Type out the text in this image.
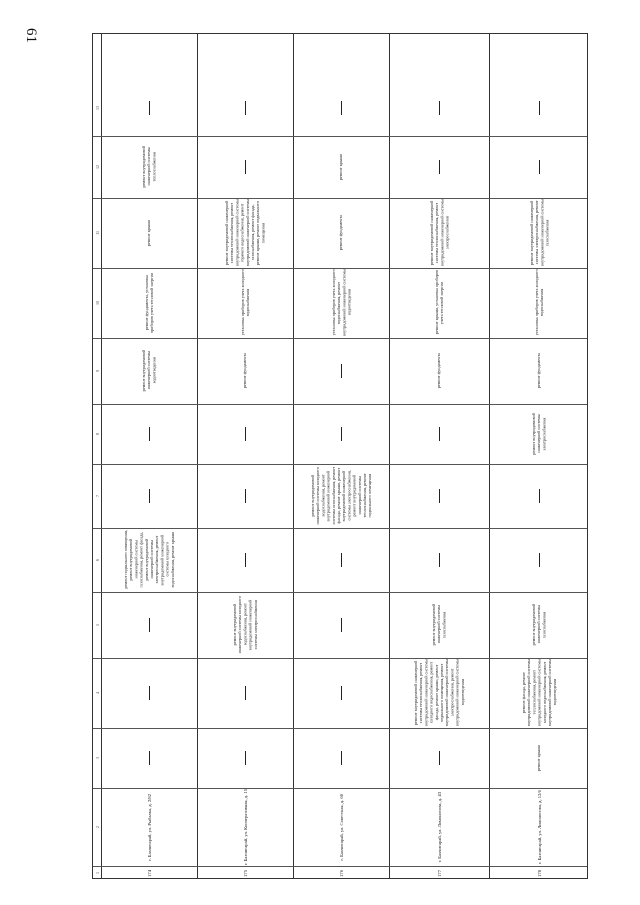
61
1
2
3
4
5
6
7
8
9
10
11
12
13
174
г. Бахчисарай, ул. Рыбалка, д. 2/82
ремонт подвального помещения, ремонт внутридомовой инженерной системы газоснабжения, ремонт фасада, ремонт внутридомовой инженерной системы электроснабжения, ремонт внутридомовой инженерной системы холодного водоснабжения, ремонт крыши
ремонт внутридомовой инженерной системы водоотведения
ремонт фундамента, установка приборов учета тепловой энергии
ремонт крыши
ремонт внутридомовой инженерной системы теплоснабжения
175
г. Бахчисарай, ул. Кооперативная, д. 15
ремонт внутридомовой инженерной системы холодного водоснабжения, ремонт внутридомовой инженерной системы электроснабжения
ремонт фундамента
установка приборов учета холодного водоснабжения
ремонт внутридомовой инженерной системы теплоснабжения, ремонт внутридомовой инженерной системы горячего водоснабжения, ремонт внутридомовой инженерной системы газоснабжения, ремонт фасада, ремонт крыши, ремонт подвального помещения
176
г. Бахчисарай, ул. Советская, д. 60
ремонт внутридомовой инженерной системы холодного водоснабжения, ремонт внутридомовой инженерной системы газоснабжения, ремонт фасада, ремонт крыши, ремонт внутридомовой инженерной системы электроснабжения, ремонт внутридомовой инженерной системы теплоснабжения, ремонт подвального помещения
установка приборов учета холодного водоснабжения, ремонт внутридомовой инженерной системы водоотведения
ремонт фундамента
ремонт крыши
177
г. Бахчисарай, ул. Ломоносова, д. 43
ремонт внутридомовой инженерной системы теплоснабжения, ремонт внутридомовой инженерной системы холодного водоснабжения, ремонт фасада, ремонт крыши, ремонт подвального помещения, ремонт внутридомовой инженерной системы электроснабжения, ремонт внутридомовой инженерной системы водоотведения
ремонт внутридомовой инженерной системы газоснабжения
ремонт фундамента
ремонт крыши, установка приборов учета тепловой энергии
ремонт внутридомовой инженерной системы теплоснабжения, ремонт внутридомовой инженерной системы электроснабжения
178
г. Бахчисарай, ул. Ломоносова, д. 12/б
ремонт крыши
ремонт фасада, ремонт внутридомовой инженерной системы теплоснабжения, ремонт внутридомовой инженерной системы холодного водоснабжения, ремонт внутридомовой инженерной системы водоотведения
ремонт внутридомовой инженерной системы газоснабжения
ремонт внутридомовой инженерной системы электроснабжения
ремонт фундамента
установка приборов учета холодного водоснабжения
ремонт внутридомовой инженерной системы электроснабжения, ремонт внутридомовой инженерной системы газоснабжения
